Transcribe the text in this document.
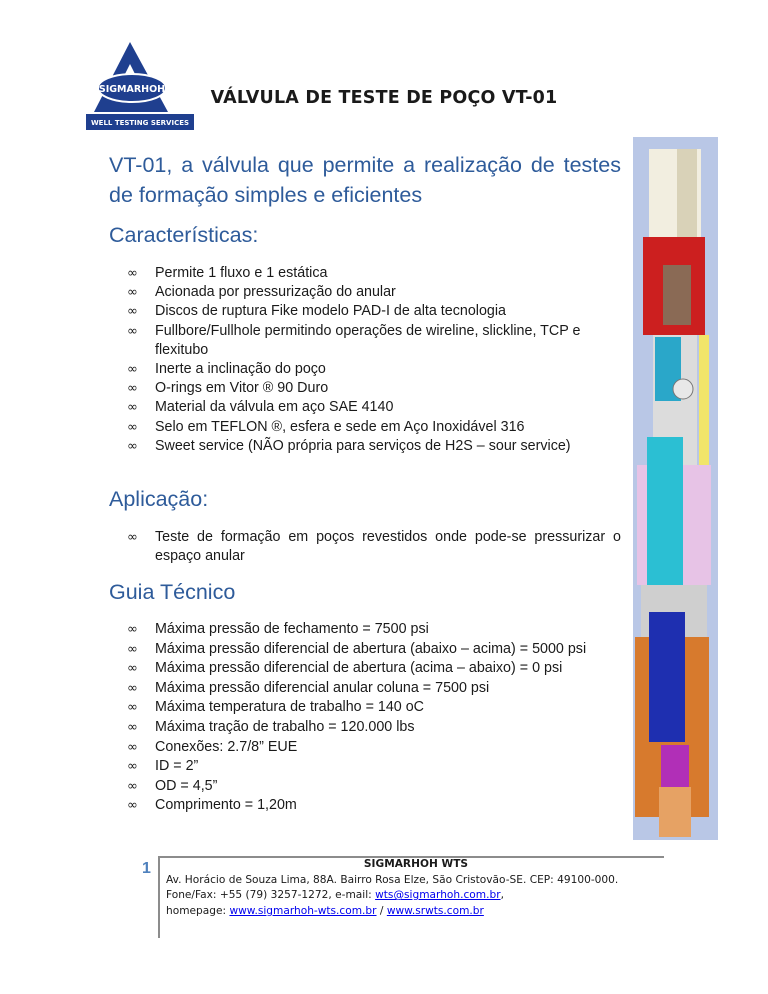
SIGMARHOH
WELL TESTING SERVICES
VÁLVULA DE TESTE DE POÇO VT-01
VT-01, a válvula que permite a realização de testes de formação simples e eficientes
Características:
∞ Permite 1 fluxo e 1 estática
∞ Acionada por pressurização do anular
∞ Discos de ruptura Fike modelo PAD-I de alta tecnologia
∞ Fullbore/Fullhole permitindo operações de wireline, slickline, TCP e flexitubo
∞ Inerte a inclinação do poço
∞ O-rings em Vitor ® 90 Duro
∞ Material da válvula em aço SAE 4140
∞ Selo em TEFLON ®, esfera e sede em Aço Inoxidável 316
∞ Sweet service (NÃO própria para serviços de H2S – sour service)
Aplicação:
∞ Teste de formação em poços revestidos onde pode-se pressurizar o espaço anular
Guia Técnico
∞ Máxima pressão de fechamento = 7500 psi
∞ Máxima pressão diferencial de abertura (abaixo – acima) = 5000 psi
∞ Máxima pressão diferencial de abertura (acima – abaixo) = 0 psi
∞ Máxima pressão diferencial anular coluna = 7500 psi
∞ Máxima temperatura de trabalho = 140 oC
∞ Máxima tração de trabalho = 120.000 lbs
∞ Conexões: 2.7/8” EUE
∞ ID = 2”
∞ OD = 4,5”
∞ Comprimento = 1,20m
1	SIGMARHOH WTS
Av. Horácio de Souza Lima, 88A. Bairro Rosa Elze, São Cristovão-SE. CEP: 49100-000.
Fone/Fax: +55 (79) 3257-1272, e-mail: wts@sigmarhoh.com.br,
homepage: www.sigmarhoh-wts.com.br / www.srwts.com.br
